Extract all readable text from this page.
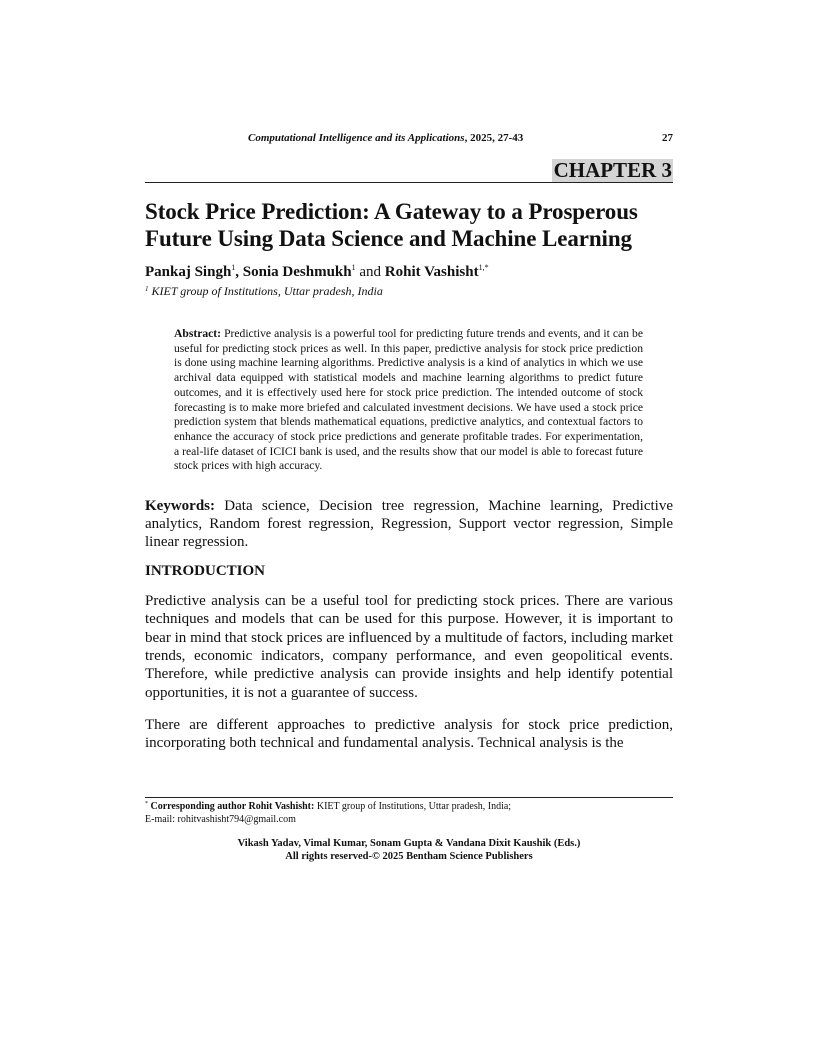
Computational Intelligence and its Applications, 2025, 27-43	27
CHAPTER 3
Stock Price Prediction: A Gateway to a Prosperous Future Using Data Science and Machine Learning
Pankaj Singh$^1$, Sonia Deshmukh$^1$ and Rohit Vashisht$^{1,*}$
$^1$ KIET group of Institutions, Uttar pradesh, India
Abstract: Predictive analysis is a powerful tool for predicting future trends and events, and it can be useful for predicting stock prices as well. In this paper, predictive analysis for stock price prediction is done using machine learning algorithms. Predictive analysis is a kind of analytics in which we use archival data equipped with statistical models and machine learning algorithms to predict future outcomes, and it is effectively used here for stock price prediction. The intended outcome of stock forecasting is to make more briefed and calculated investment decisions. We have used a stock price prediction system that blends mathematical equations, predictive analytics, and contextual factors to enhance the accuracy of stock price predictions and generate profitable trades. For experimentation, a real-life dataset of ICICI bank is used, and the results show that our model is able to forecast future stock prices with high accuracy.
Keywords: Data science, Decision tree regression, Machine learning, Predictive analytics, Random forest regression, Regression, Support vector regression, Simple linear regression.
INTRODUCTION

Predictive analysis can be a useful tool for predicting stock prices. There are various techniques and models that can be used for this purpose. However, it is important to bear in mind that stock prices are influenced by a multitude of factors, including market trends, economic indicators, company performance, and even geopolitical events. Therefore, while predictive analysis can provide insights and help identify potential opportunities, it is not a guarantee of success.

There are different approaches to predictive analysis for stock price prediction, incorporating both technical and fundamental analysis. Technical analysis is the

* Corresponding author Rohit Vashisht: KIET group of Institutions, Uttar pradesh, India;
E-mail: rohitvashisht794@gmail.com
Vikash Yadav, Vimal Kumar, Sonam Gupta & Vandana Dixit Kaushik (Eds.)
All rights reserved-© 2025 Bentham Science Publishers
